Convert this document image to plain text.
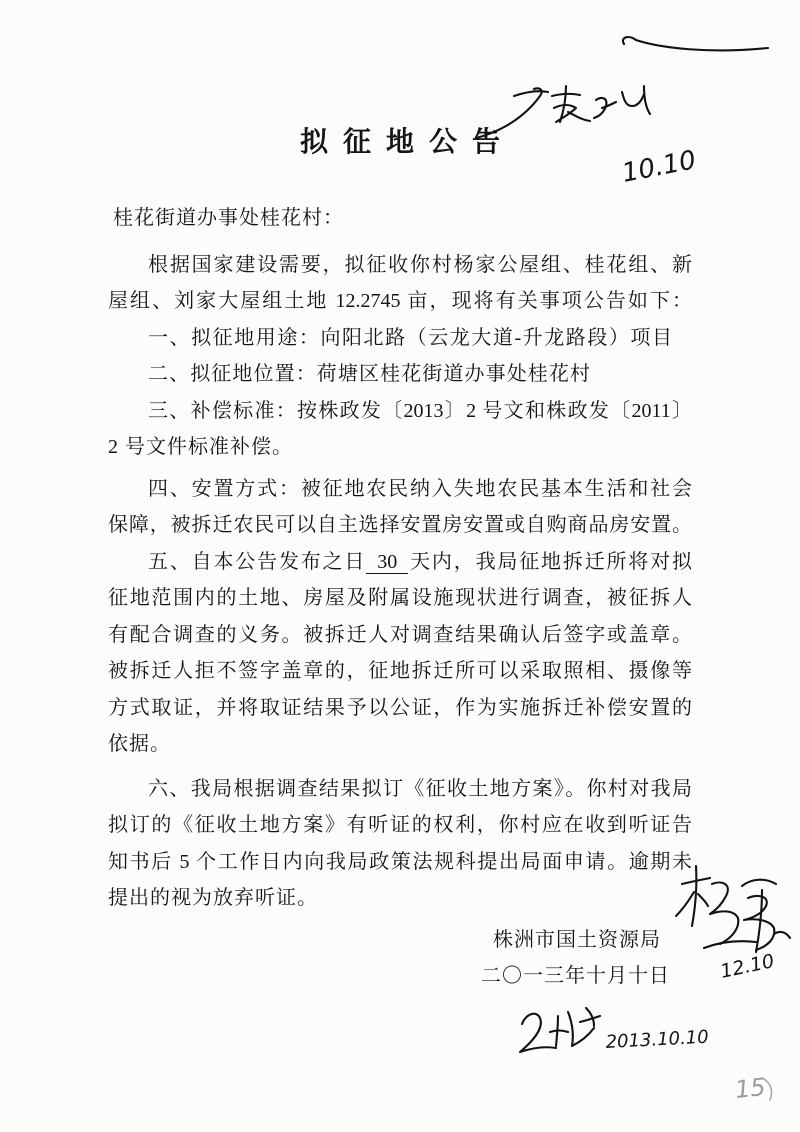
拟征地公告
桂花街道办事处桂花村：
根据国家建设需要，拟征收你村杨家公屋组、桂花组、新
屋组、刘家大屋组土地 12.2745 亩，现将有关事项公告如下：
一、拟征地用途：向阳北路（云龙大道-升龙路段）项目
二、拟征地位置：荷塘区桂花街道办事处桂花村
三、补偿标准：按株政发〔2013〕2 号文和株政发〔2011〕
2 号文件标准补偿。
四、安置方式：被征地农民纳入失地农民基本生活和社会
保障，被拆迁农民可以自主选择安置房安置或自购商品房安置。
五、自本公告发布之日 30 天内，我局征地拆迁所将对拟
征地范围内的土地、房屋及附属设施现状进行调查，被征拆人
有配合调查的义务。被拆迁人对调查结果确认后签字或盖章。
被拆迁人拒不签字盖章的，征地拆迁所可以采取照相、摄像等
方式取证，并将取证结果予以公证，作为实施拆迁补偿安置的
依据。
六、我局根据调查结果拟订《征收土地方案》。你村对我局
拟订的《征收土地方案》有听证的权利，你村应在收到听证告
知书后 5 个工作日内向我局政策法规科提出局面申请。逾期未
提出的视为放弃听证。
株洲市国土资源局
二〇一三年十月十日
10.10
12.10
2013.10.10
15
